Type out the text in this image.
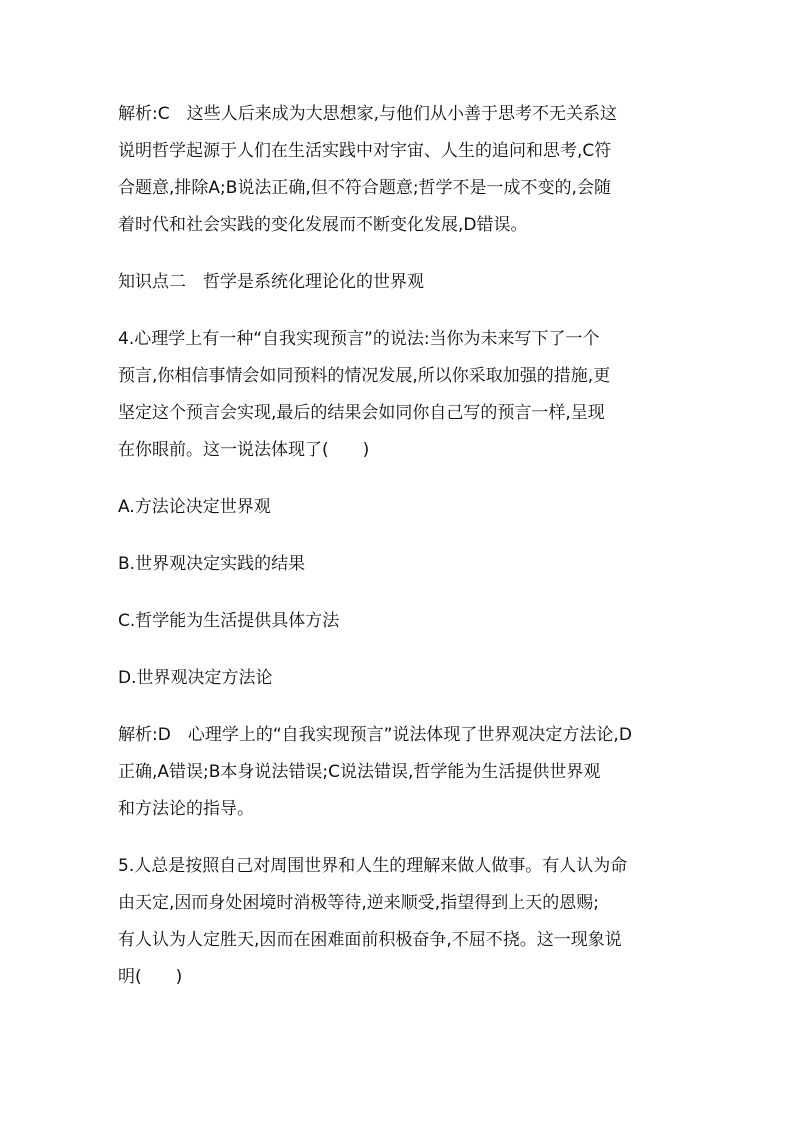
解析:C　这些人后来成为大思想家,与他们从小善于思考不无关系这
说明哲学起源于人们在生活实践中对宇宙、人生的追问和思考,C符
合题意,排除A;B说法正确,但不符合题意;哲学不是一成不变的,会随
着时代和社会实践的变化发展而不断变化发展,D错误。

知识点二　哲学是系统化理论化的世界观

4.心理学上有一种“自我实现预言”的说法:当你为未来写下了一个
预言,你相信事情会如同预料的情况发展,所以你采取加强的措施,更
坚定这个预言会实现,最后的结果会如同你自己写的预言一样,呈现
在你眼前。这一说法体现了(　　)

A.方法论决定世界观

B.世界观决定实践的结果

C.哲学能为生活提供具体方法

D.世界观决定方法论

解析:D　心理学上的“自我实现预言”说法体现了世界观决定方法论,D
正确,A错误;B本身说法错误;C说法错误,哲学能为生活提供世界观
和方法论的指导。

5.人总是按照自己对周围世界和人生的理解来做人做事。有人认为命
由天定,因而身处困境时消极等待,逆来顺受,指望得到上天的恩赐;
有人认为人定胜天,因而在困难面前积极奋争,不屈不挠。这一现象说
明(　　)
